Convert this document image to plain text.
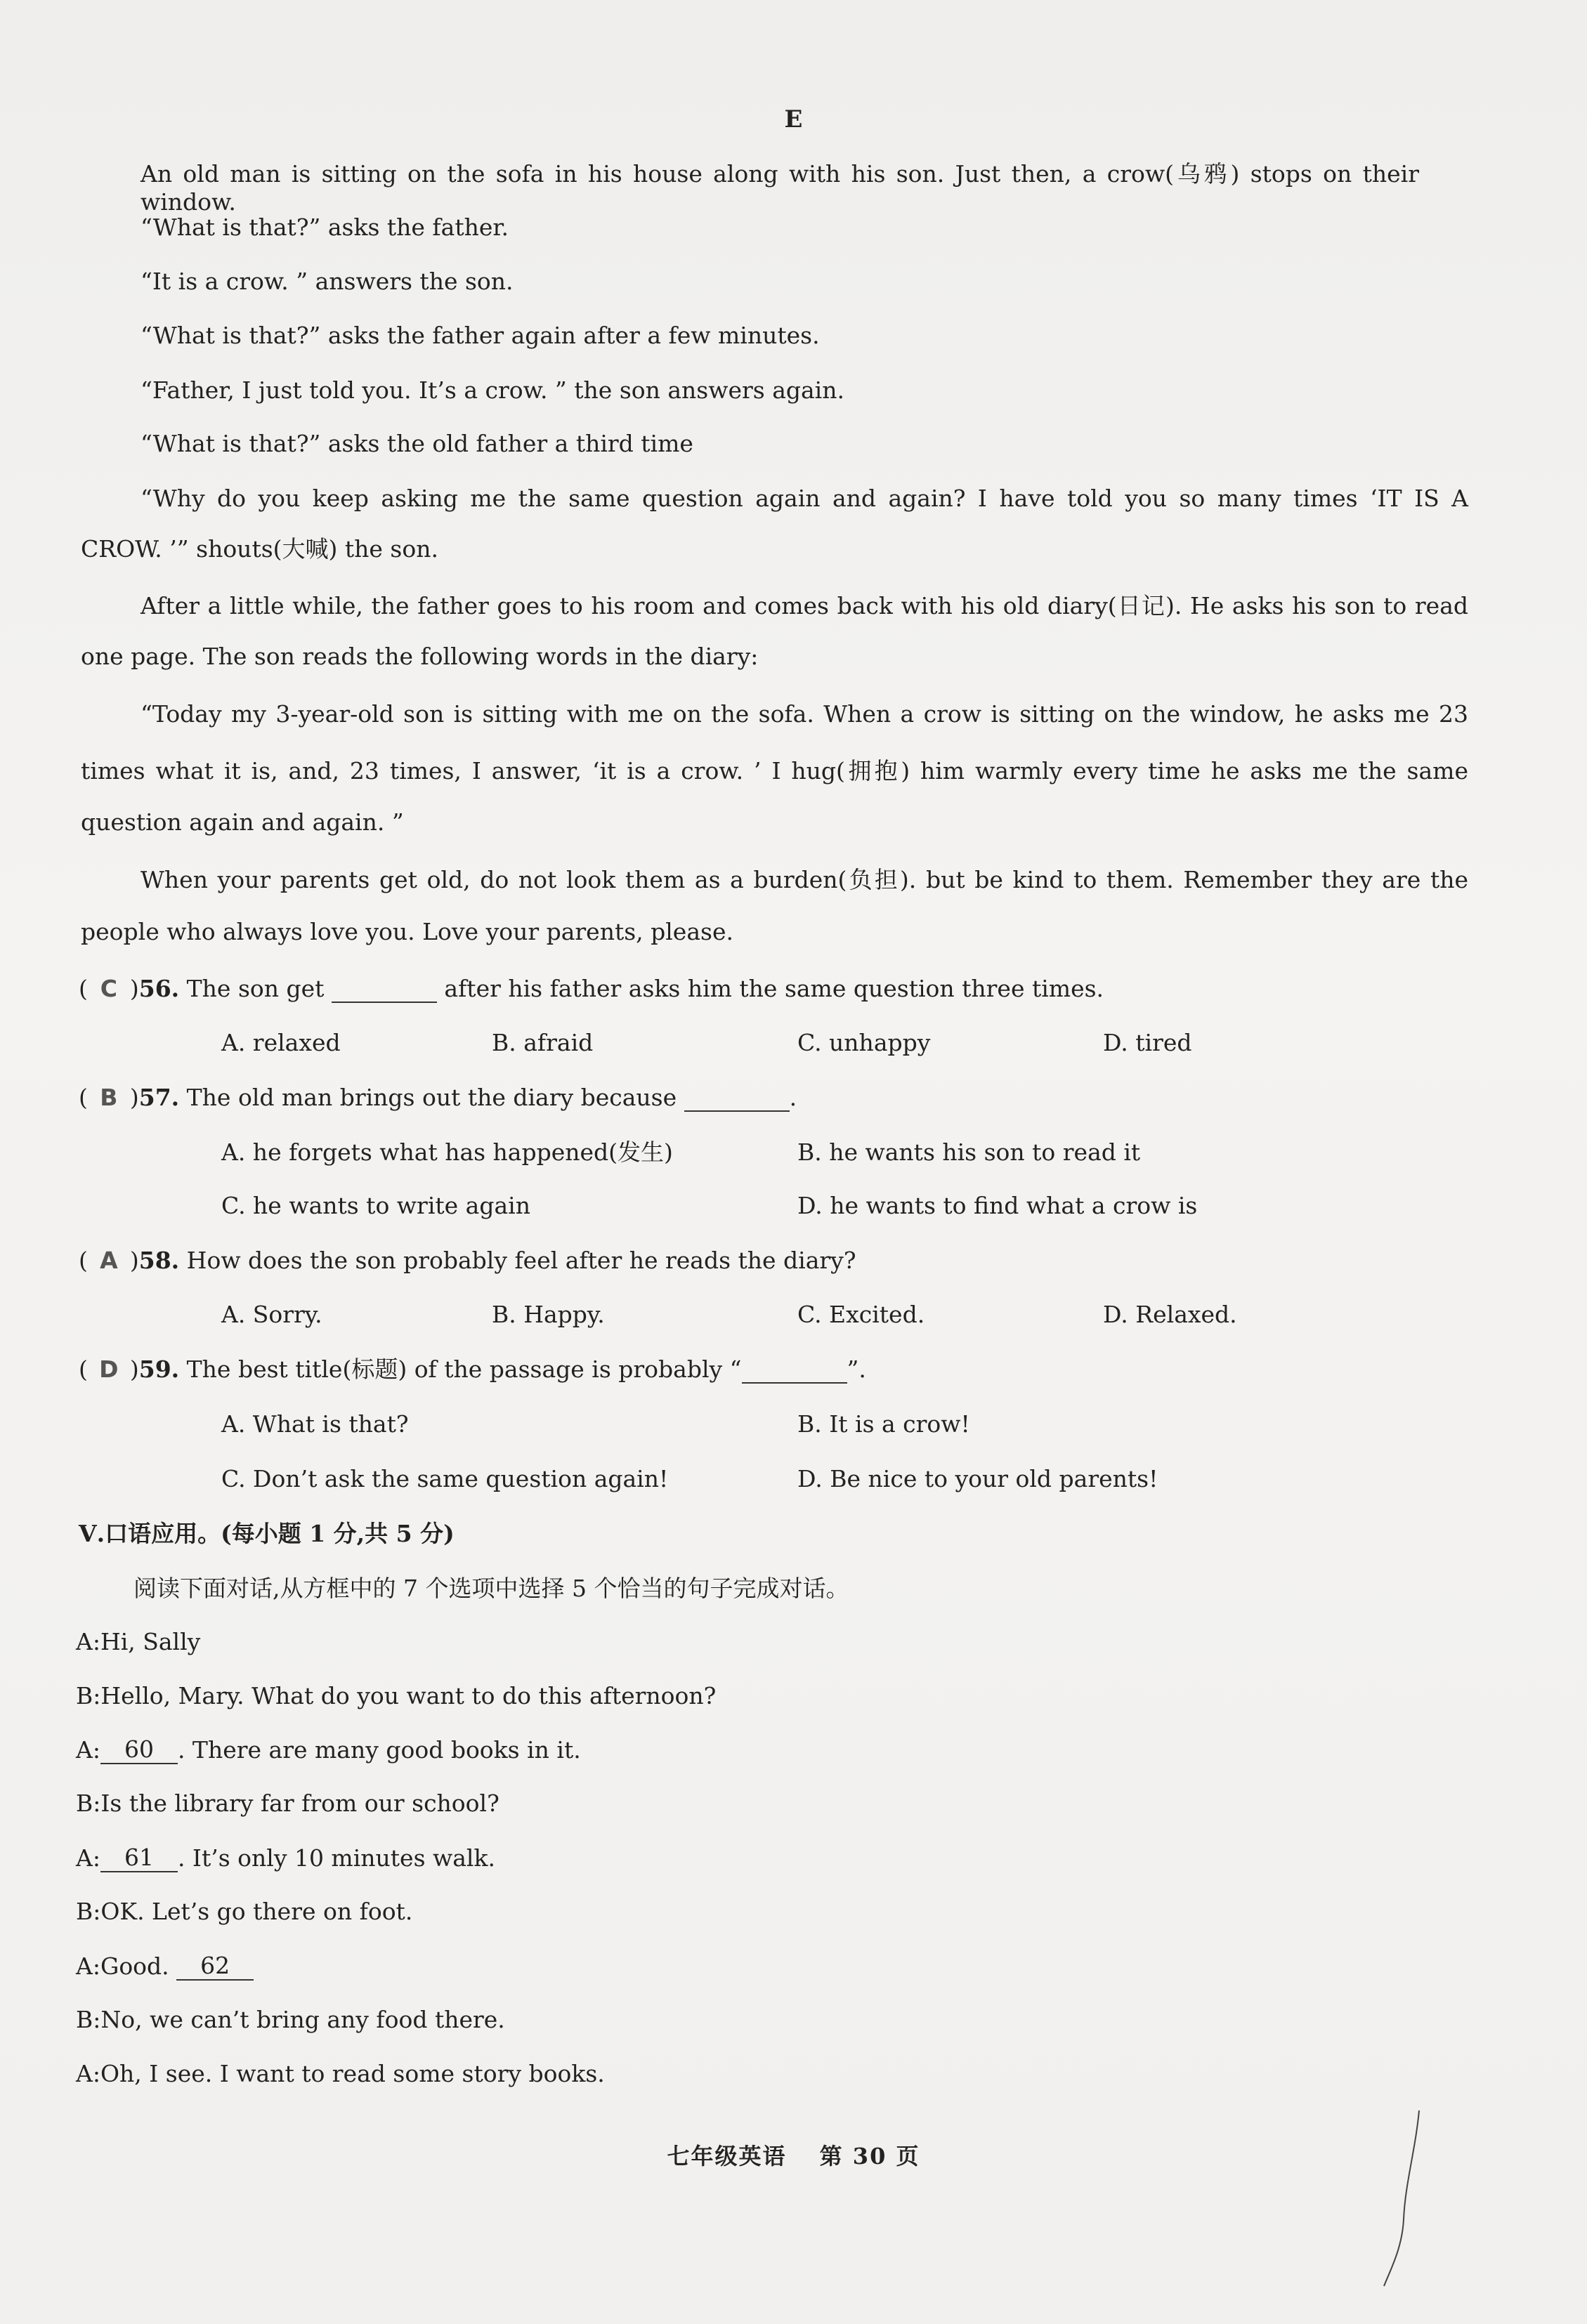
E
An old man is sitting on the sofa in his house along with his son. Just then, a crow(乌鸦) stops on their window.
“What is that?” asks the father.
“It is a crow. ” answers the son.
“What is that?” asks the father again after a few minutes.
“Father, I just told you. It’s a crow. ” the son answers again.
“What is that?” asks the old father a third time
“Why do you keep asking me the same question again and again? I have told you so many times ‘IT IS A
CROW. ’” shouts(大喊) the son.
After a little while, the father goes to his room and comes back with his old diary(日记). He asks his son to read
one page. The son reads the following words in the diary:
“Today my 3-year-old son is sitting with me on the sofa. When a crow is sitting on the window, he asks me 23
times what it is, and, 23 times, I answer, ‘it is a crow. ’ I hug(拥抱) him warmly every time he asks me the same
question again and again. ”
When your parents get old, do not look them as a burden(负担). but be kind to them. Remember they are the
people who always love you. Love your parents, please.
( C )56. The son get	after his father asks him the same question three times.
A. relaxed	B. afraid	C. unhappy	D. tired
( B )57. The old man brings out the diary because	.
A. he forgets what has happened(发生)	B. he wants his son to read it
C. he wants to write again	D. he wants to find what a crow is
( A )58. How does the son probably feel after he reads the diary?
A. Sorry.	B. Happy.	C. Excited.	D. Relaxed.
( D )59. The best title(标题) of the passage is probably “	”.
A. What is that?	B. It is a crow!
C. Don’t ask the same question again!	D. Be nice to your old parents!
Ⅴ.口语应用。(每小题 1 分,共 5 分)
阅读下面对话,从方框中的 7 个选项中选择 5 个恰当的句子完成对话。
A:Hi, Sally
B:Hello, Mary. What do you want to do this afternoon?
A: 60 . There are many good books in it.
B:Is the library far from our school?
A: 61 . It’s only 10 minutes walk.
B:OK. Let’s go there on foot.
A:Good. 62
B:No, we can’t bring any food there.
A:Oh, I see. I want to read some story books.
七年级英语　 第 30 页
